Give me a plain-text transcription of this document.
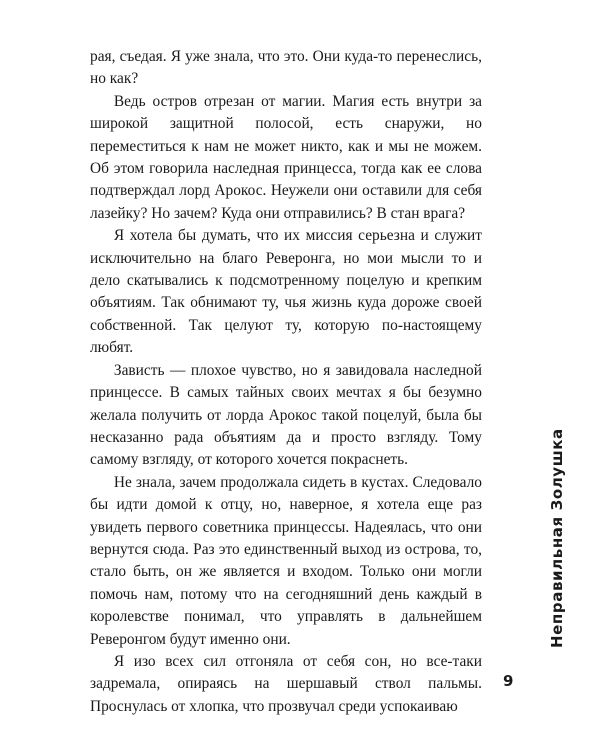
рая, съедая. Я уже знала, что это. Они куда-то перенеслись, но как?

Ведь остров отрезан от магии. Магия есть внутри за широкой защитной полосой, есть снаружи, но переместиться к нам не может никто, как и мы не можем. Об этом говорила наследная принцесса, тогда как ее слова подтверждал лорд Арокос. Неужели они оставили для себя лазейку? Но зачем? Куда они отправились? В стан врага?

Я хотела бы думать, что их миссия серьезна и служит исключительно на благо Реверонга, но мои мысли то и дело скатывались к подсмотренному поцелую и крепким объятиям. Так обнимают ту, чья жизнь куда дороже своей собственной. Так целуют ту, которую по-настоящему любят.

Зависть — плохое чувство, но я завидовала наследной принцессе. В самых тайных своих мечтах я бы безумно желала получить от лорда Арокос такой поцелуй, была бы несказанно рада объятиям да и просто взгляду. Тому самому взгляду, от которого хочется покраснеть.

Не знала, зачем продолжала сидеть в кустах. Следовало бы идти домой к отцу, но, наверное, я хотела еще раз увидеть первого советника принцессы. Надеялась, что они вернутся сюда. Раз это единственный выход из острова, то, стало быть, он же является и входом. Только они могли помочь нам, потому что на сегодняшний день каждый в королевстве понимал, что управлять в дальнейшем Реверонгом будут именно они.

Я изо всех сил отгоняла от себя сон, но все-таки задремала, опираясь на шершавый ствол пальмы. Проснулась от хлопка, что прозвучал среди успокаиваю

Неправильная Золушка
9
